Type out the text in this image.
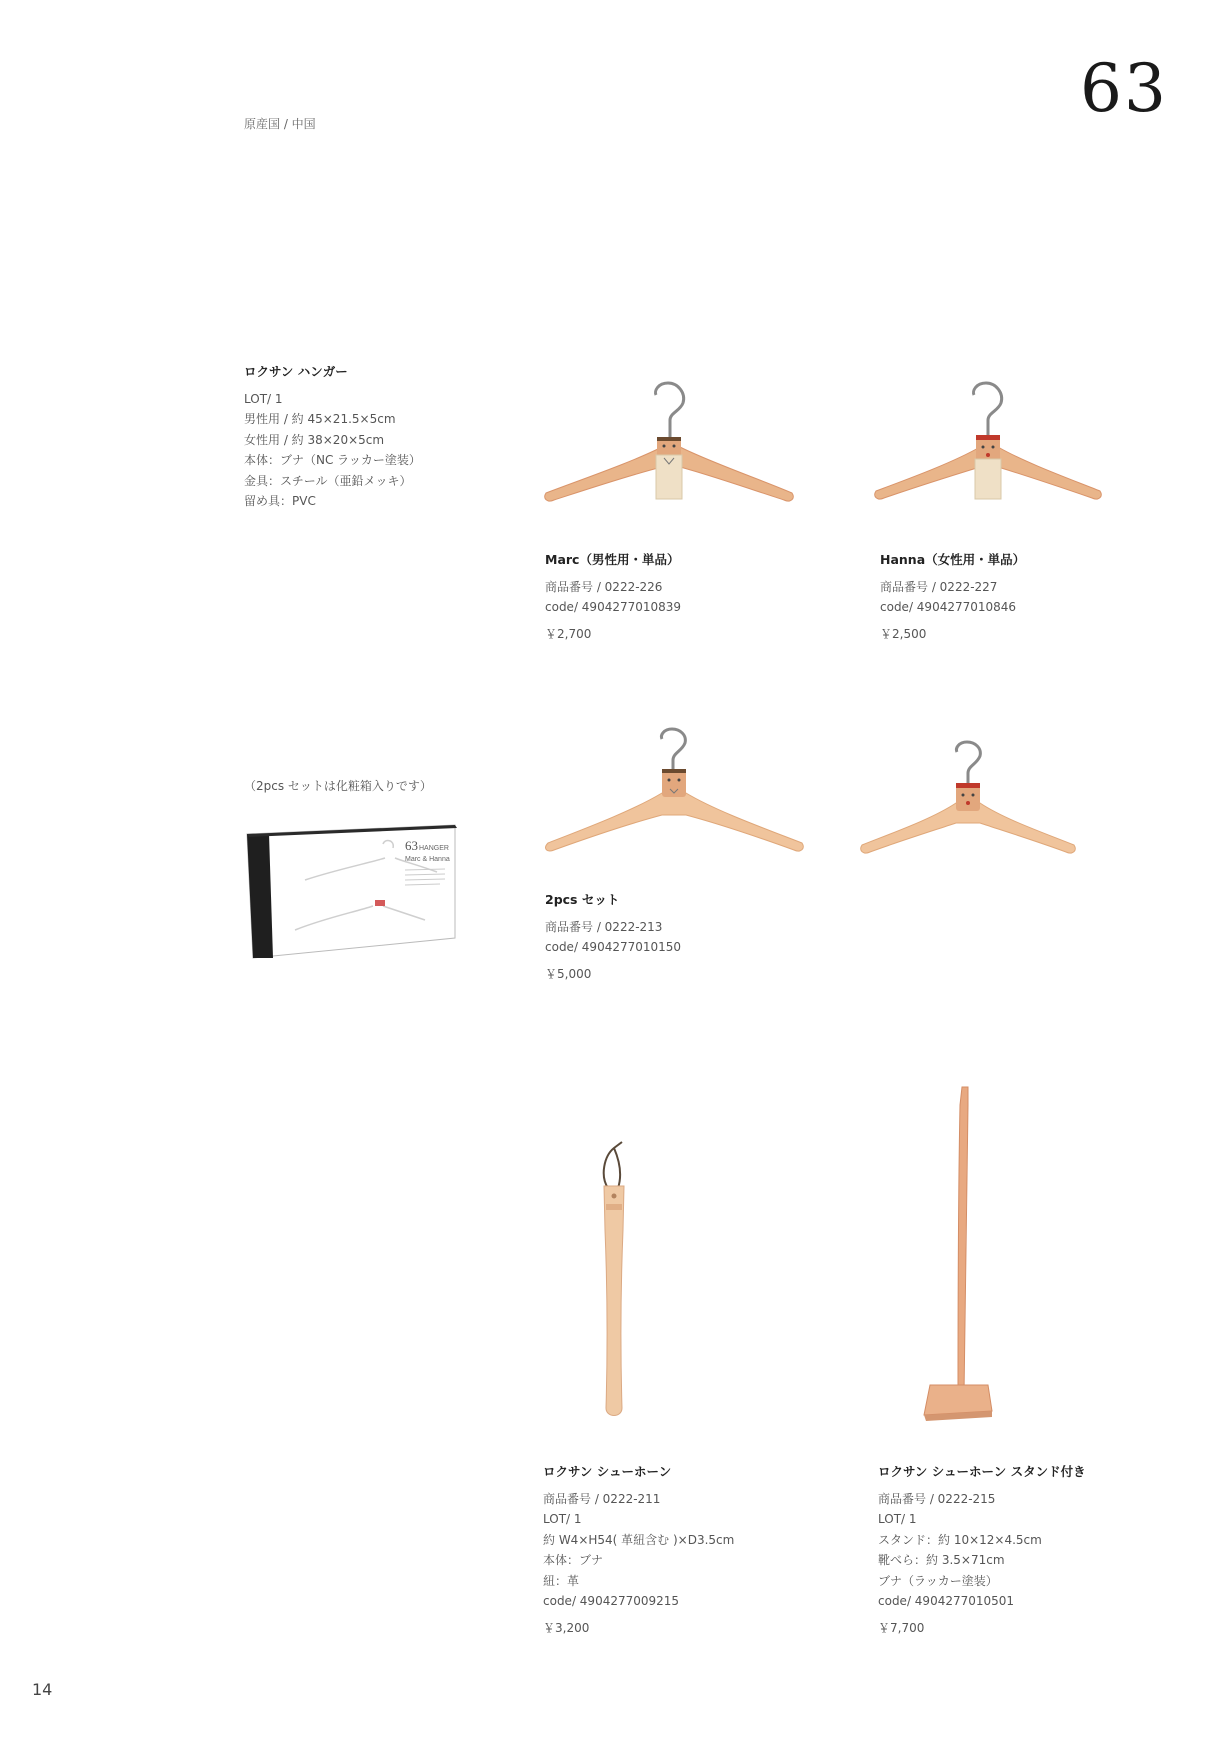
63
原産国 / 中国
ロクサン ハンガー
LOT/ 1
男性用 / 約 45×21.5×5cm
女性用 / 約 38×20×5cm
本体：ブナ（NC ラッカー塗装）
金具：スチール（亜鉛メッキ）
留め具：PVC
Marc（男性用・単品）
商品番号 / 0222-226
code/ 4904277010839
￥2,700
Hanna（女性用・単品）
商品番号 / 0222-227
code/ 4904277010846
￥2,500
（2pcs セットは化粧箱入りです）
63 HANGER
Marc & Hanna
2pcs セット
商品番号 / 0222-213
code/ 4904277010150
￥5,000
ロクサン シューホーン
商品番号 / 0222-211
LOT/ 1
約 W4×H54( 革紐含む )×D3.5cm
本体：ブナ
紐：革
code/ 4904277009215
￥3,200
ロクサン シューホーン スタンド付き
商品番号 / 0222-215
LOT/ 1
スタンド：約 10×12×4.5cm
靴べら：約 3.5×71cm
ブナ（ラッカー塗装）
code/ 4904277010501
￥7,700
14
